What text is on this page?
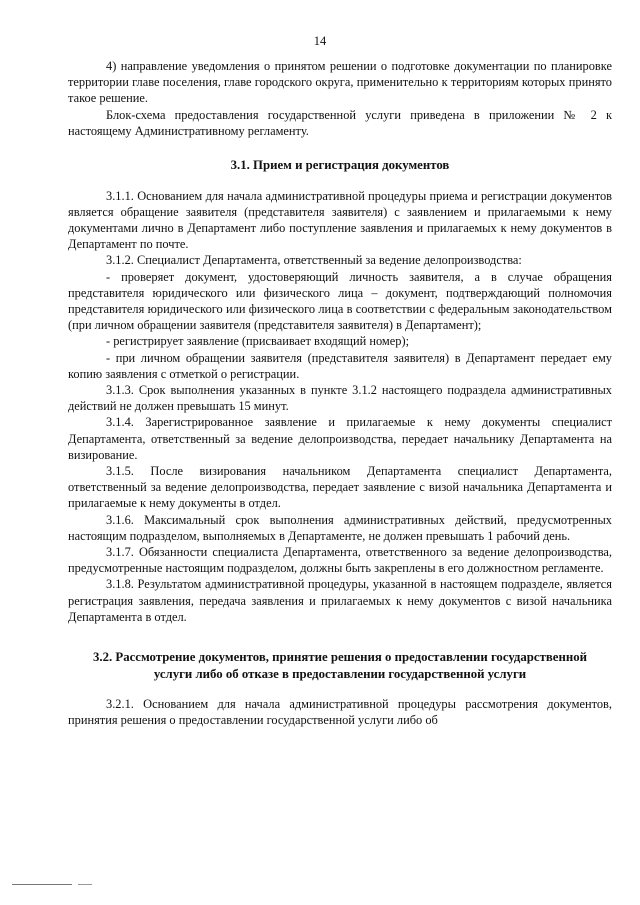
14

4) направление уведомления о принятом решении о подготовке документации по планировке территории главе поселения, главе городского округа, применительно к территориям которых принято такое решение.

Блок-схема предоставления государственной услуги приведена в приложении № 2 к настоящему Административному регламенту.

3.1. Прием и регистрация документов

3.1.1. Основанием для начала административной процедуры приема и регистрации документов является обращение заявителя (представителя заявителя) с заявлением и прилагаемыми к нему документами лично в Департамент либо поступление заявления и прилагаемых к нему документов в Департамент по почте.

3.1.2. Специалист Департамента, ответственный за ведение делопроизводства:

- проверяет документ, удостоверяющий личность заявителя, а в случае обращения представителя юридического или физического лица – документ, подтверждающий полномочия представителя юридического или физического лица в соответствии с федеральным законодательством (при личном обращении заявителя (представителя заявителя) в Департамент);

- регистрирует заявление (присваивает входящий номер);

- при личном обращении заявителя (представителя заявителя) в Департамент передает ему копию заявления с отметкой о регистрации.

3.1.3. Срок выполнения указанных в пункте 3.1.2 настоящего подраздела административных действий не должен превышать 15 минут.

3.1.4. Зарегистрированное заявление и прилагаемые к нему документы специалист Департамента, ответственный за ведение делопроизводства, передает начальнику Департамента на визирование.

3.1.5. После визирования начальником Департамента специалист Департамента, ответственный за ведение делопроизводства, передает заявление с визой начальника Департамента и прилагаемые к нему документы в отдел.

3.1.6. Максимальный срок выполнения административных действий, предусмотренных настоящим подразделом, выполняемых в Департаменте, не должен превышать 1 рабочий день.

3.1.7. Обязанности специалиста Департамента, ответственного за ведение делопроизводства, предусмотренные настоящим подразделом, должны быть закреплены в его должностном регламенте.

3.1.8. Результатом административной процедуры, указанной в настоящем подразделе, является регистрация заявления, передача заявления и прилагаемых к нему документов с визой начальника Департамента в отдел.

3.2. Рассмотрение документов, принятие решения о предоставлении государственной услуги либо об отказе в предоставлении государственной услуги

3.2.1. Основанием для начала административной процедуры рассмотрения документов, принятия решения о предоставлении государственной услуги либо об
